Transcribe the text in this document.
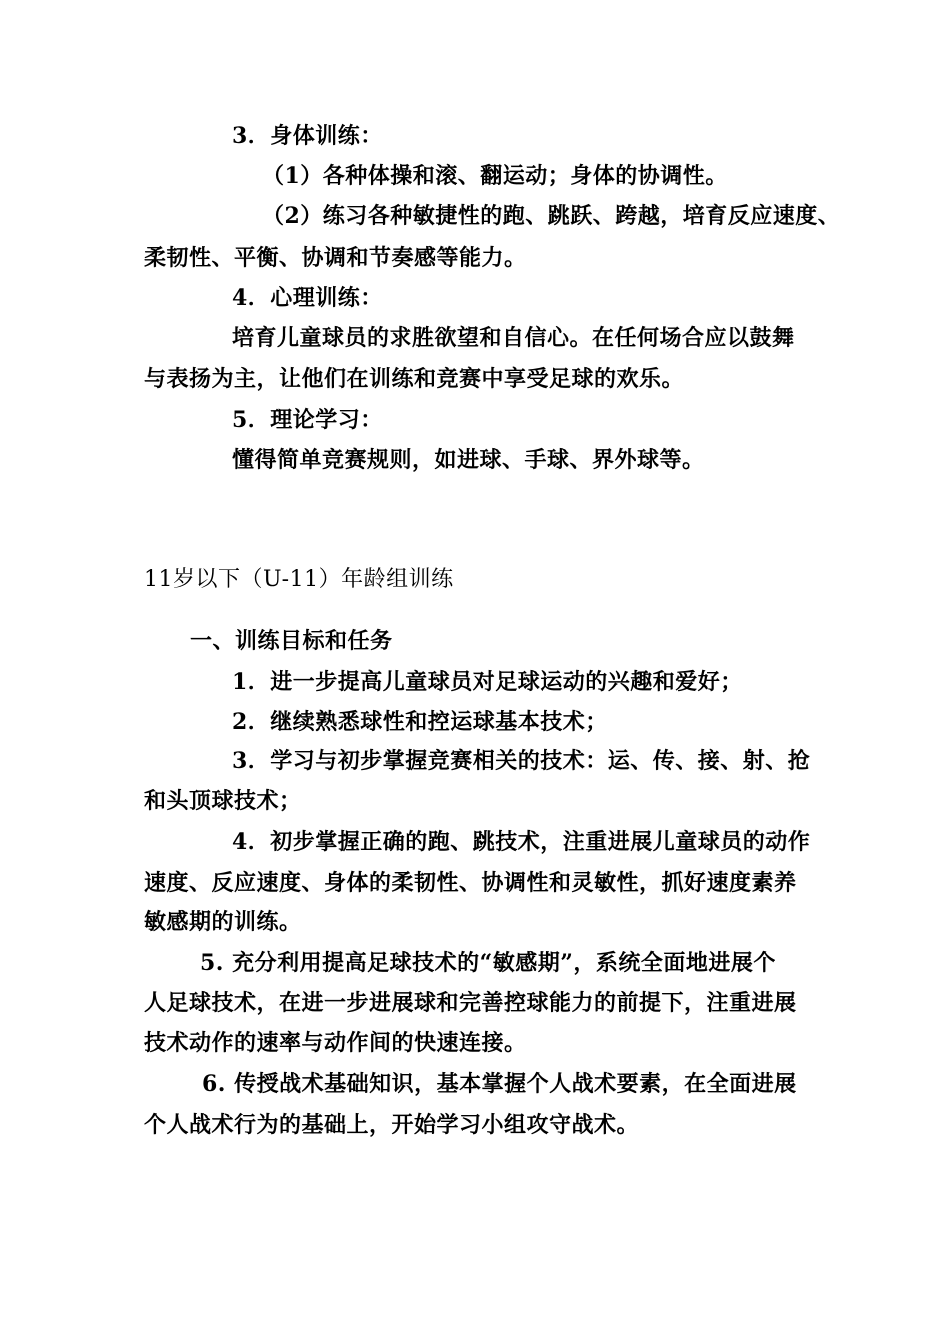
3．身体训练：
（1）各种体操和滚、翻运动；身体的协调性。
（2）练习各种敏捷性的跑、跳跃、跨越，培育反应速度、
柔韧性、平衡、协调和节奏感等能力。
4．心理训练：
培育儿童球员的求胜欲望和自信心。在任何场合应以鼓舞
与表扬为主，让他们在训练和竞赛中享受足球的欢乐。
5．理论学习：
懂得简单竞赛规则，如进球、手球、界外球等。
11岁以下（U-11）年龄组训练
一、训练目标和任务
1．进一步提高儿童球员对足球运动的兴趣和爱好；
2．继续熟悉球性和控运球基本技术；
3．学习与初步掌握竞赛相关的技术：运、传、接、射、抢
和头顶球技术；
4．初步掌握正确的跑、跳技术，注重进展儿童球员的动作
速度、反应速度、身体的柔韧性、协调性和灵敏性，抓好速度素养
敏感期的训练。
5. 充分利用提高足球技术的“敏感期”，系统全面地进展个
人足球技术，在进一步进展球和完善控球能力的前提下，注重进展
技术动作的速率与动作间的快速连接。
6. 传授战术基础知识，基本掌握个人战术要素，在全面进展
个人战术行为的基础上，开始学习小组攻守战术。
